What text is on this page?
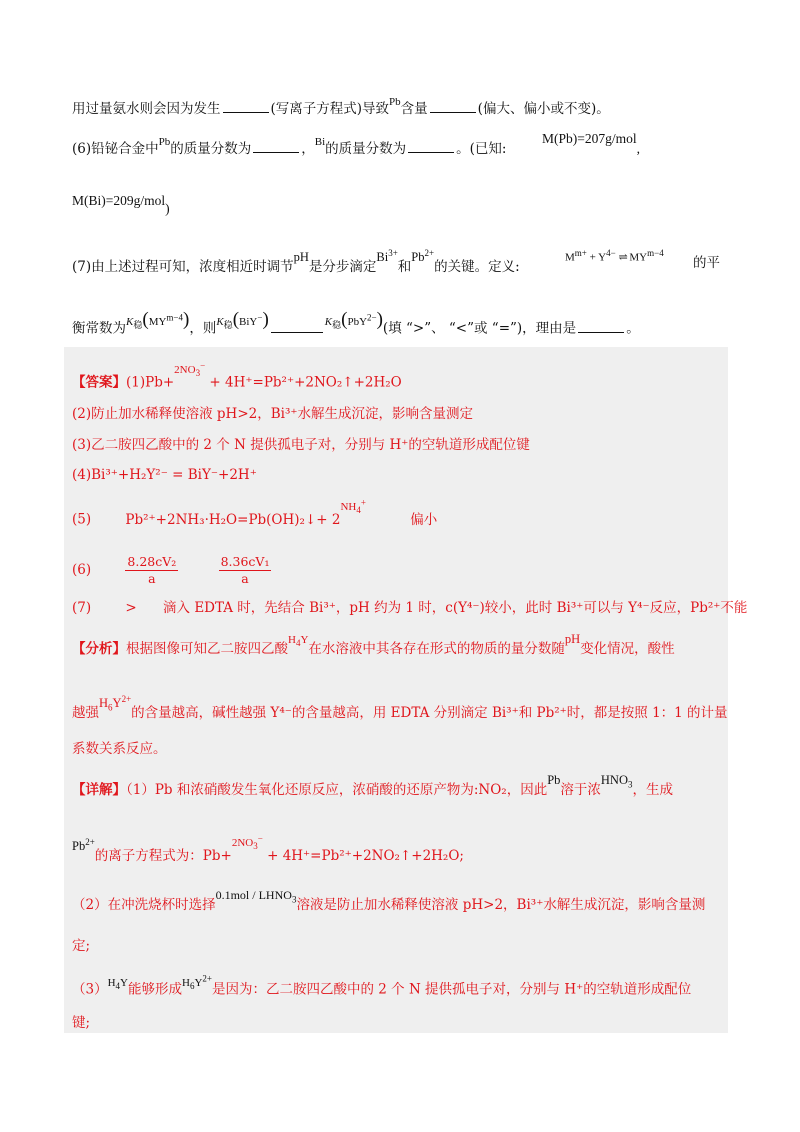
用过量氨水则会因为发生	(写离子方程式)导致$^{Pb}$含量	(偏大、偏小或不变)。
(6)铅铋合金中$^{Pb}$的质量分数为	，$^{Bi}$的质量分数为	。(已知:
M(Pb)=207g/mol,
M(Bi)=209g/mol)
(7)由上述过程可知，浓度相近时调节pH是分步滴定$Bi^{3+}$和$Pb^{2+}$的关键。定义:
$M^{m+} + Y^{4-}$ ⇌ $MY^{m-4}$
的平
衡常数为$^{K_稳(MY^{m-4})}$，则$^{K_稳(BiY^-)}$	$^{K_稳(PbY^{2-})}$(填 “>”、 “<”或 “=”)，理由是	。
【答案】(1)Pb+$^{2NO_3^-}$ + 4H⁺=Pb²⁺+2NO₂↑+2H₂O
(2)防止加水稀释使溶液 pH>2，Bi³⁺水解生成沉淀，影响含量测定
(3)乙二胺四乙酸中的 2 个 N 提供孤电子对，分别与 H⁺的空轨道形成配位键
(4)Bi³⁺+H₂Y²⁻ = BiY⁻+2H⁺
(5)	Pb²⁺+2NH₃·H₂O=Pb(OH)₂↓+ $2^{NH_4^+}$ 偏小
(6)	$\frac{\text{8.28cV₂}}{a}$
	$\frac{\text{8.36cV₁}}{a}$
(7)	> 滴入 EDTA 时，先结合 Bi³⁺，pH 约为 1 时，c(Y⁴⁻)较小，此时 Bi³⁺可以与 Y⁴⁻反应，Pb²⁺不能
【分析】根据图像可知乙二胺四乙酸$^{H_4Y}$在水溶液中其各存在形式的物质的量分数随pH变化情况，酸性
越强$H_6Y^{2+}$的含量越高，碱性越强 Y⁴⁻的含量越高，用 EDTA 分别滴定 Bi³⁺和 Pb²⁺时，都是按照 1：1 的计量
系数关系反应。
【详解】（1）Pb 和浓硝酸发生氧化还原反应，浓硝酸的还原产物为:NO₂，因此Pb溶于浓$HNO_3$，生成
$Pb^{2+}$的离子方程式为：Pb+$^{2NO_3^-}$ + 4H⁺=Pb²⁺+2NO₂↑+2H₂O;
（2）在冲洗烧杯时选择$0.1mol / LHNO_3$溶液是防止加水稀释使溶液 pH>2，Bi³⁺水解生成沉淀，影响含量测
定;
$(3)^{H_4Y}$能够形成$^{H_6Y^{2+}}$是因为：乙二胺四乙酸中的 2 个 N 提供孤电子对，分别与 H⁺的空轨道形成配位
键;
